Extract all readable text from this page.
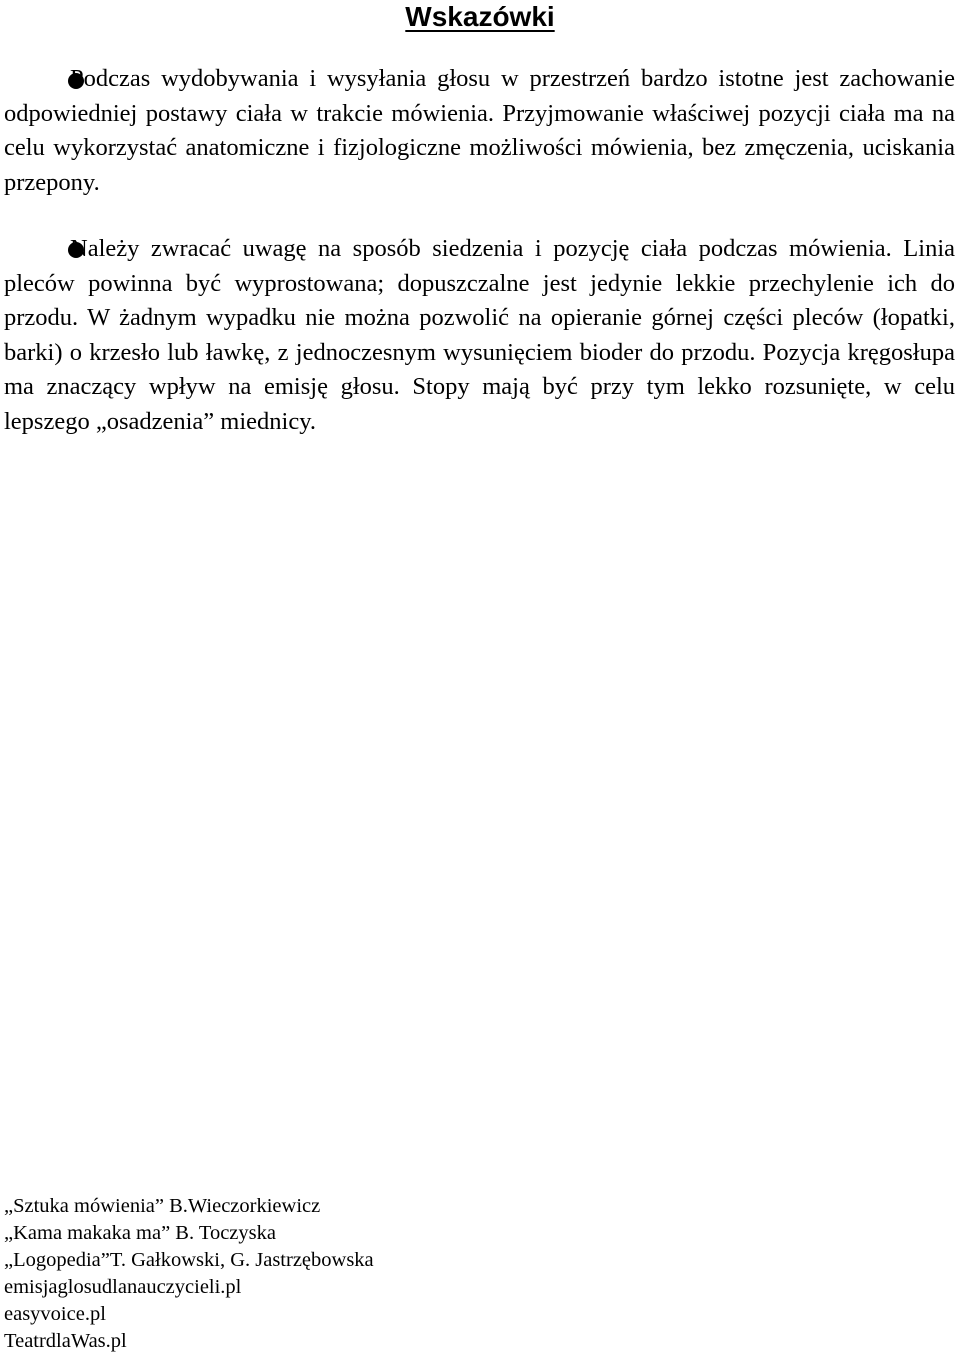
Wskazówki

Podczas wydobywania i wysyłania głosu w przestrzeń bardzo istotne jest zachowanie odpowiedniej postawy ciała w trakcie mówienia. Przyjmowanie właściwej pozycji ciała ma na celu wykorzystać anatomiczne i fizjologiczne możliwości mówienia, bez zmęczenia, uciskania przepony.

Należy zwracać uwagę na sposób siedzenia i pozycję ciała podczas mówienia. Linia pleców powinna być wyprostowana; dopuszczalne jest jedynie lekkie przechylenie ich do przodu. W żadnym wypadku nie można pozwolić na opieranie górnej części pleców (łopatki, barki) o krzesło lub ławkę, z jednoczesnym wysunięciem bioder do przodu. Pozycja kręgosłupa ma znaczący wpływ na emisję głosu. Stopy mają być przy tym lekko rozsunięte, w celu lepszego „osadzenia” miednicy.

„Sztuka mówienia” B.Wieczorkiewicz
„Kama makaka ma” B. Toczyska
„Logopedia”T. Gałkowski, G. Jastrzębowska
emisjaglosudlanauczycieli.pl
easyvoice.pl
TeatrdlaWas.pl
